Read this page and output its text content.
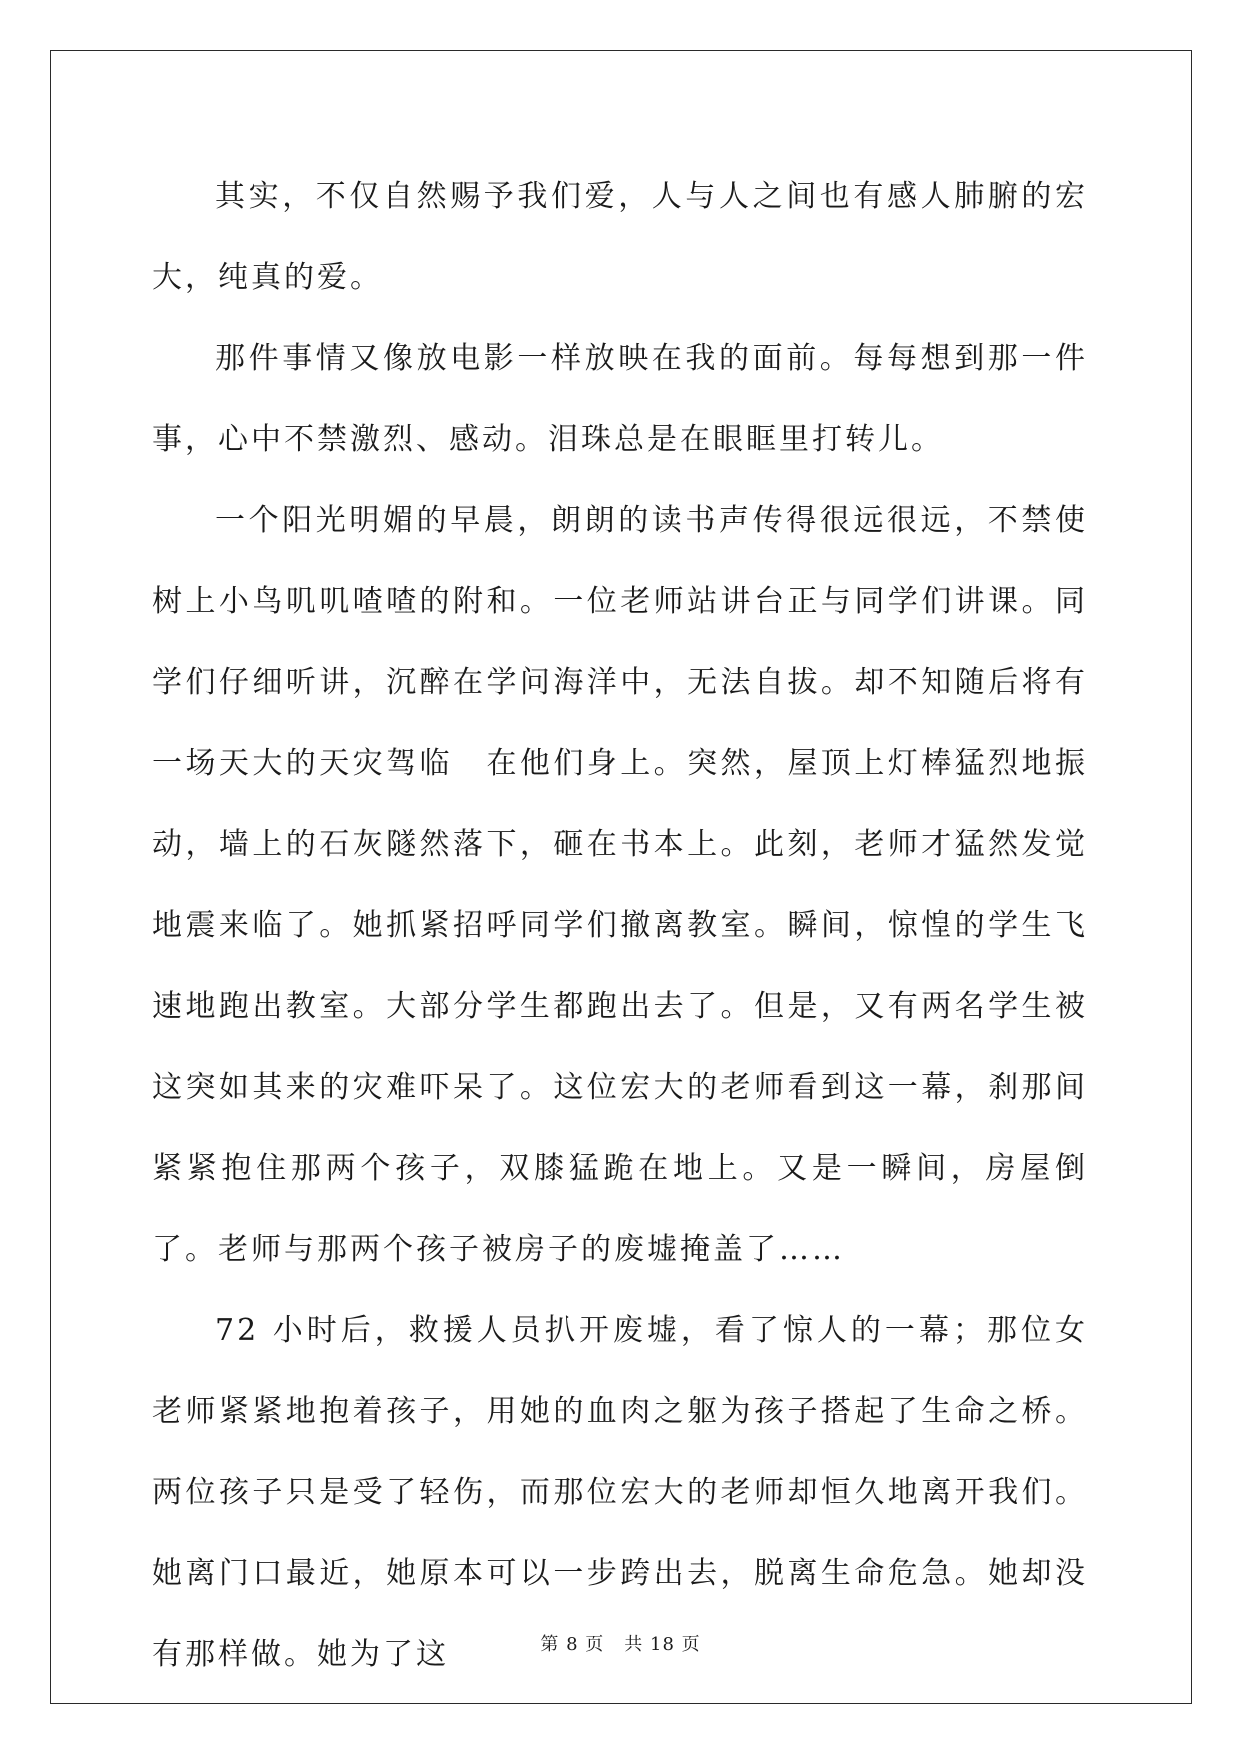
其实，不仅自然赐予我们爱，人与人之间也有感人肺腑的宏大，纯真的爱。

那件事情又像放电影一样放映在我的面前。每每想到那一件事，心中不禁激烈、感动。泪珠总是在眼眶里打转儿。

一个阳光明媚的早晨，朗朗的读书声传得很远很远，不禁使树上小鸟叽叽喳喳的附和。一位老师站讲台正与同学们讲课。同学们仔细听讲，沉醉在学问海洋中，无法自拔。却不知随后将有一场天大的天灾驾临　在他们身上。突然，屋顶上灯棒猛烈地振动，墙上的石灰隧然落下，砸在书本上。此刻，老师才猛然发觉地震来临了。她抓紧招呼同学们撤离教室。瞬间，惊惶的学生飞速地跑出教室。大部分学生都跑出去了。但是，又有两名学生被这突如其来的灾难吓呆了。这位宏大的老师看到这一幕，刹那间紧紧抱住那两个孩子，双膝猛跪在地上。又是一瞬间，房屋倒了。老师与那两个孩子被房子的废墟掩盖了……

72 小时后，救援人员扒开废墟，看了惊人的一幕；那位女老师紧紧地抱着孩子，用她的血肉之躯为孩子搭起了生命之桥。两位孩子只是受了轻伤，而那位宏大的老师却恒久地离开我们。她离门口最近，她原本可以一步跨出去，脱离生命危急。她却没有那样做。她为了这	第 8 页 共 18 页
